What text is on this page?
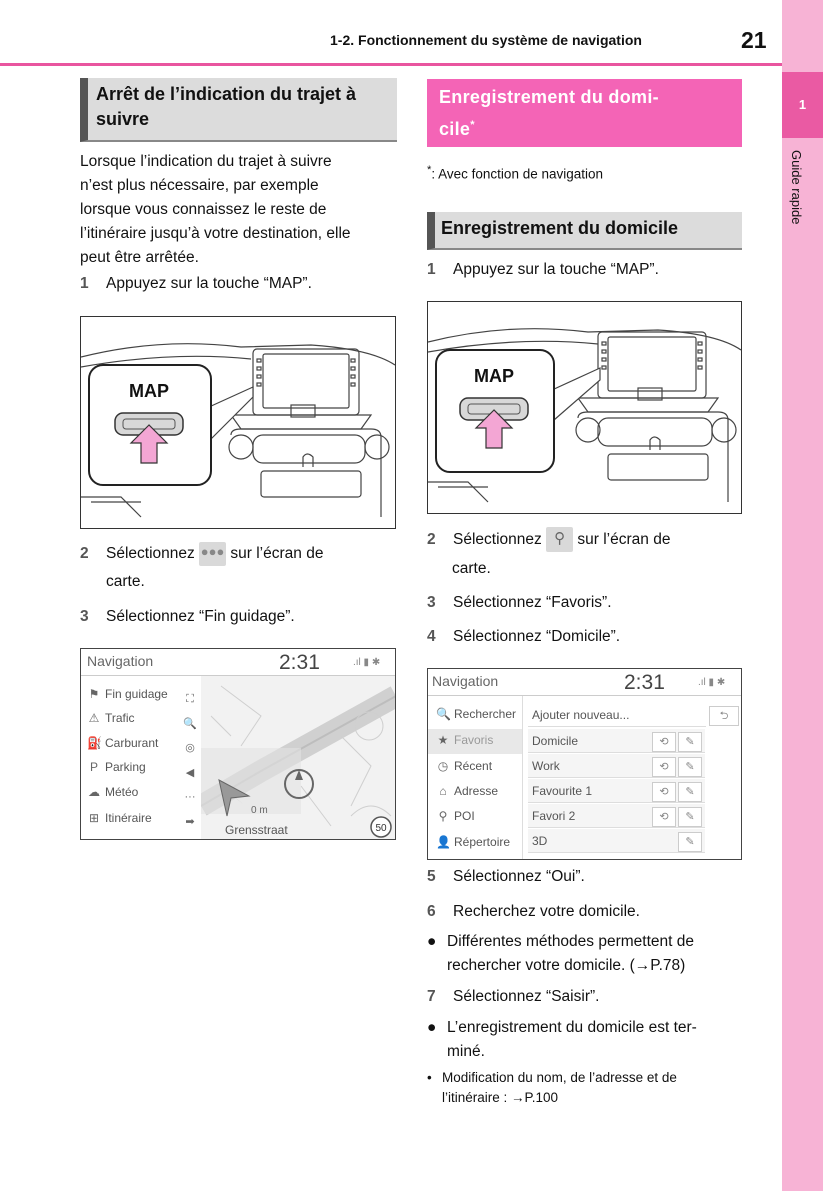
1-2. Fonctionnement du système de navigation	21
1
Guide rapide
Arrêt de l’indication du trajet à suivre
Lorsque l’indication du trajet à suivre
n’est plus nécessaire, par exemple
lorsque vous connaissez le reste de
l’itinéraire jusqu’à votre destination, elle
peut être arrêtée.
1 Appuyez sur la touche “MAP”.
MAP
2 Sélectionnez ●●● sur l’écran de
carte.
3 Sélectionnez “Fin guidage”.
Navigation	2:31	.ıl ▮ ✱
0 m
Grensstraat	50
⚑ Fin guidage
⚠ Trafic
⛽ Carburant
P Parking
☁ Météo
⊞ Itinéraire
⛶
🔍
◎
◀
···
➡
Enregistrement du domi-
cile*
*: Avec fonction de navigation
Enregistrement du domicile
1 Appuyez sur la touche “MAP”.
MAP
2 Sélectionnez ⚲ sur l’écran de
carte.
3 Sélectionnez “Favoris”.
4 Sélectionnez “Domicile”.
Navigation	2:31	.ıl ▮ ✱
🔍 Rechercher
★ Favoris
◷ Récent
⌂ Adresse
⚲ POI
👤 Répertoire
Ajouter nouveau...	⮌
Domicile	⟲	✎
Work	⟲	✎
Favourite 1	⟲	✎
Favori 2	⟲	✎
3D	✎
5 Sélectionnez “Oui”.
6 Recherchez votre domicile.
● Différentes méthodes permettent de
rechercher votre domicile. (→P.78)
7 Sélectionnez “Saisir”.
● L’enregistrement du domicile est ter-
miné.
• Modification du nom, de l’adresse et de
l’itinéraire : →P.100
